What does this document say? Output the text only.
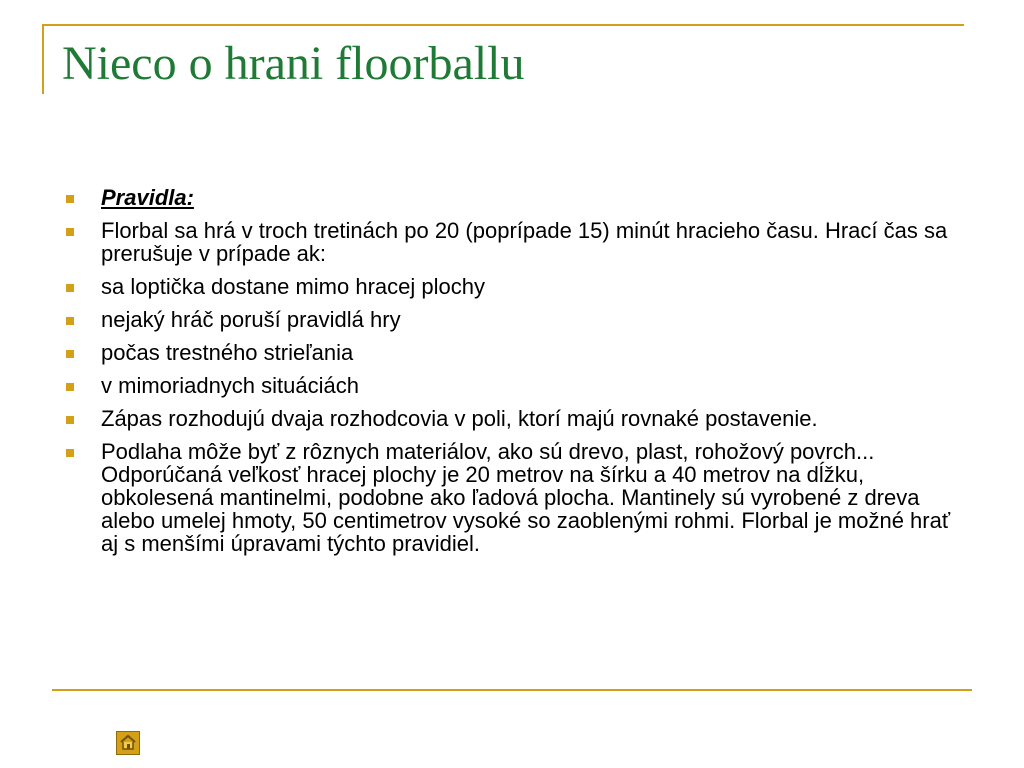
Nieco o hrani floorballu
Pravidla:
Florbal sa hrá v troch tretinách po 20 (poprípade 15) minút hracieho času. Hrací čas sa prerušuje v prípade ak:
sa loptička dostane mimo hracej plochy
nejaký hráč poruší pravidlá hry
počas trestného strieľania
v mimoriadnych situáciách
Zápas rozhodujú dvaja rozhodcovia v poli, ktorí majú rovnaké postavenie.
Podlaha môže byť z rôznych materiálov, ako sú drevo, plast, rohožový povrch... Odporúčaná veľkosť hracej plochy je 20 metrov na šírku a 40 metrov na dĺžku, obkolesená mantinelmi, podobne ako ľadová plocha. Mantinely sú vyrobené z dreva alebo umelej hmoty, 50 centimetrov vysoké so zaoblenými rohmi. Florbal je možné hrať aj s menšími úpravami týchto pravidiel.
